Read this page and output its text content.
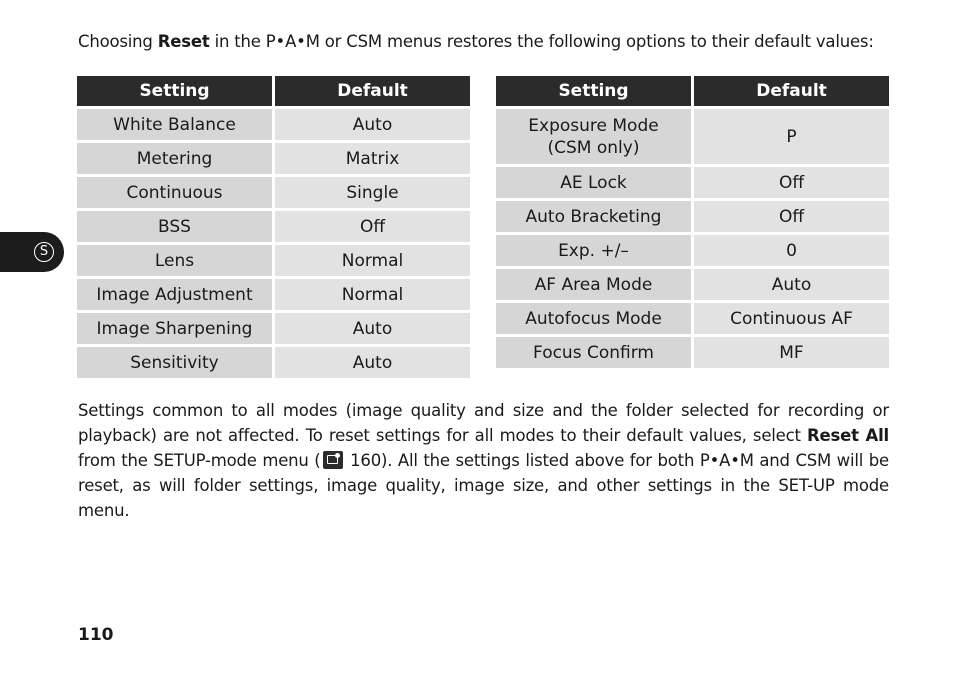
Choosing Reset in the P•A•M or CSM menus restores the following options to their default values:
Setting	Default
White Balance	Auto
Metering	Matrix
Continuous	Single
BSS	Off
Lens	Normal
Image Adjustment	Normal
Image Sharpening	Auto
Sensitivity	Auto
Setting	Default
Exposure Mode
(CSM only)	P
AE Lock	Off
Auto Bracketing	Off
Exp. +/–	0
AF Area Mode	Auto
Autofocus Mode	Continuous AF
Focus Confirm	MF
Settings common to all modes (image quality and size and the folder selected for recording or playback) are not affected. To reset settings for all modes to their default values, select Reset All from the SETUP-mode menu ( 160). All the settings listed above for both P•A•M and CSM will be reset, as will folder settings, image quality, image size, and other settings in the SET-UP mode menu.
S
110
